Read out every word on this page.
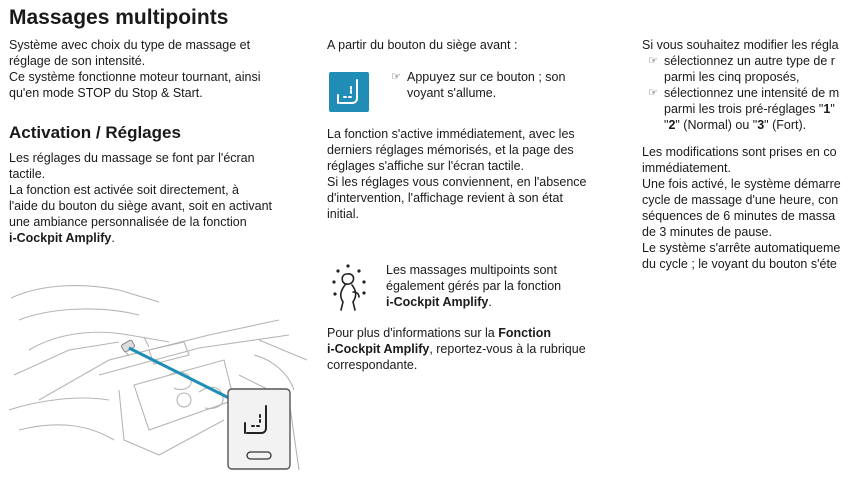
Massages multipoints

Système avec choix du type de massage et

réglage de son intensité.

Ce système fonctionne moteur tournant, ainsi

qu'en mode STOP du Stop & Start.

Activation / Réglages

Les réglages du massage se font par l'écran

tactile.

La fonction est activée soit directement, à

l'aide du bouton du siège avant, soit en activant

une ambiance personnalisée de la fonction

i-Cockpit Amplify.

A partir du bouton du siège avant :

☞ Appuyez sur ce bouton ; son

voyant s'allume.

La fonction s'active immédiatement, avec les

derniers réglages mémorisés, et la page des

réglages s'affiche sur l'écran tactile.

Si les réglages vous conviennent, en l'absence

d'intervention, l'affichage revient à son état

initial.

Les massages multipoints sont

également gérés par la fonction

i-Cockpit Amplify.

Pour plus d'informations sur la Fonction

i-Cockpit Amplify, reportez-vous à la rubrique

correspondante.

Si vous souhaitez modifier les régla

☞ sélectionnez un autre type de r

parmi les cinq proposés,

☞ sélectionnez une intensité de m

parmi les trois pré-réglages "1"

"2" (Normal) ou "3" (Fort).

Les modifications sont prises en co

immédiatement.

Une fois activé, le système démarre

cycle de massage d'une heure, con

séquences de 6 minutes de massa

de 3 minutes de pause.

Le système s'arrête automatiqueme

du cycle ; le voyant du bouton s'éte
